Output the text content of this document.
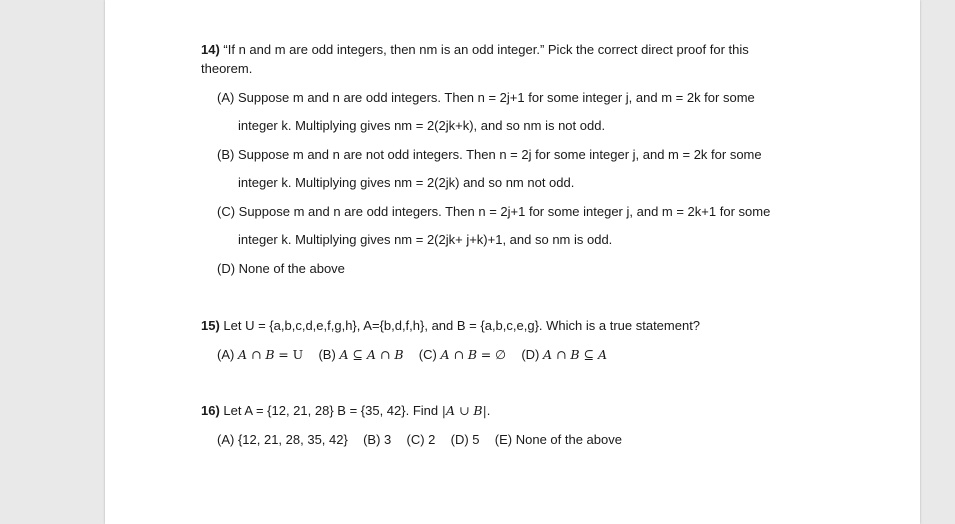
14) “If n and m are odd integers, then nm is an odd integer.” Pick the correct direct proof for this
theorem.
(A) Suppose m and n are odd integers. Then n = 2j+1 for some integer j, and m = 2k for some
integer k. Multiplying gives nm = 2(2jk+k), and so nm is not odd.
(B) Suppose m and n are not odd integers. Then n = 2j for some integer j, and m = 2k for some
integer k. Multiplying gives nm = 2(2jk) and so nm not odd.
(C) Suppose m and n are odd integers. Then n = 2j+1 for some integer j, and m = 2k+1 for some
integer k. Multiplying gives nm = 2(2jk+ j+k)+1, and so nm is odd.
(D) None of the above
15) Let U = {a,b,c,d,e,f,g,h}, A={b,d,f,h}, and B = {a,b,c,e,g}. Which is a true statement?
(A) A ∩ B = U (B) A ⊆ A ∩ B (C) A ∩ B = ∅ (D) A ∩ B ⊆ A
16) Let A = {12, 21, 28} B = {35, 42}. Find |A ∪ B|.
(A) {12, 21, 28, 35, 42} (B) 3 (C) 2 (D) 5 (E) None of the above
